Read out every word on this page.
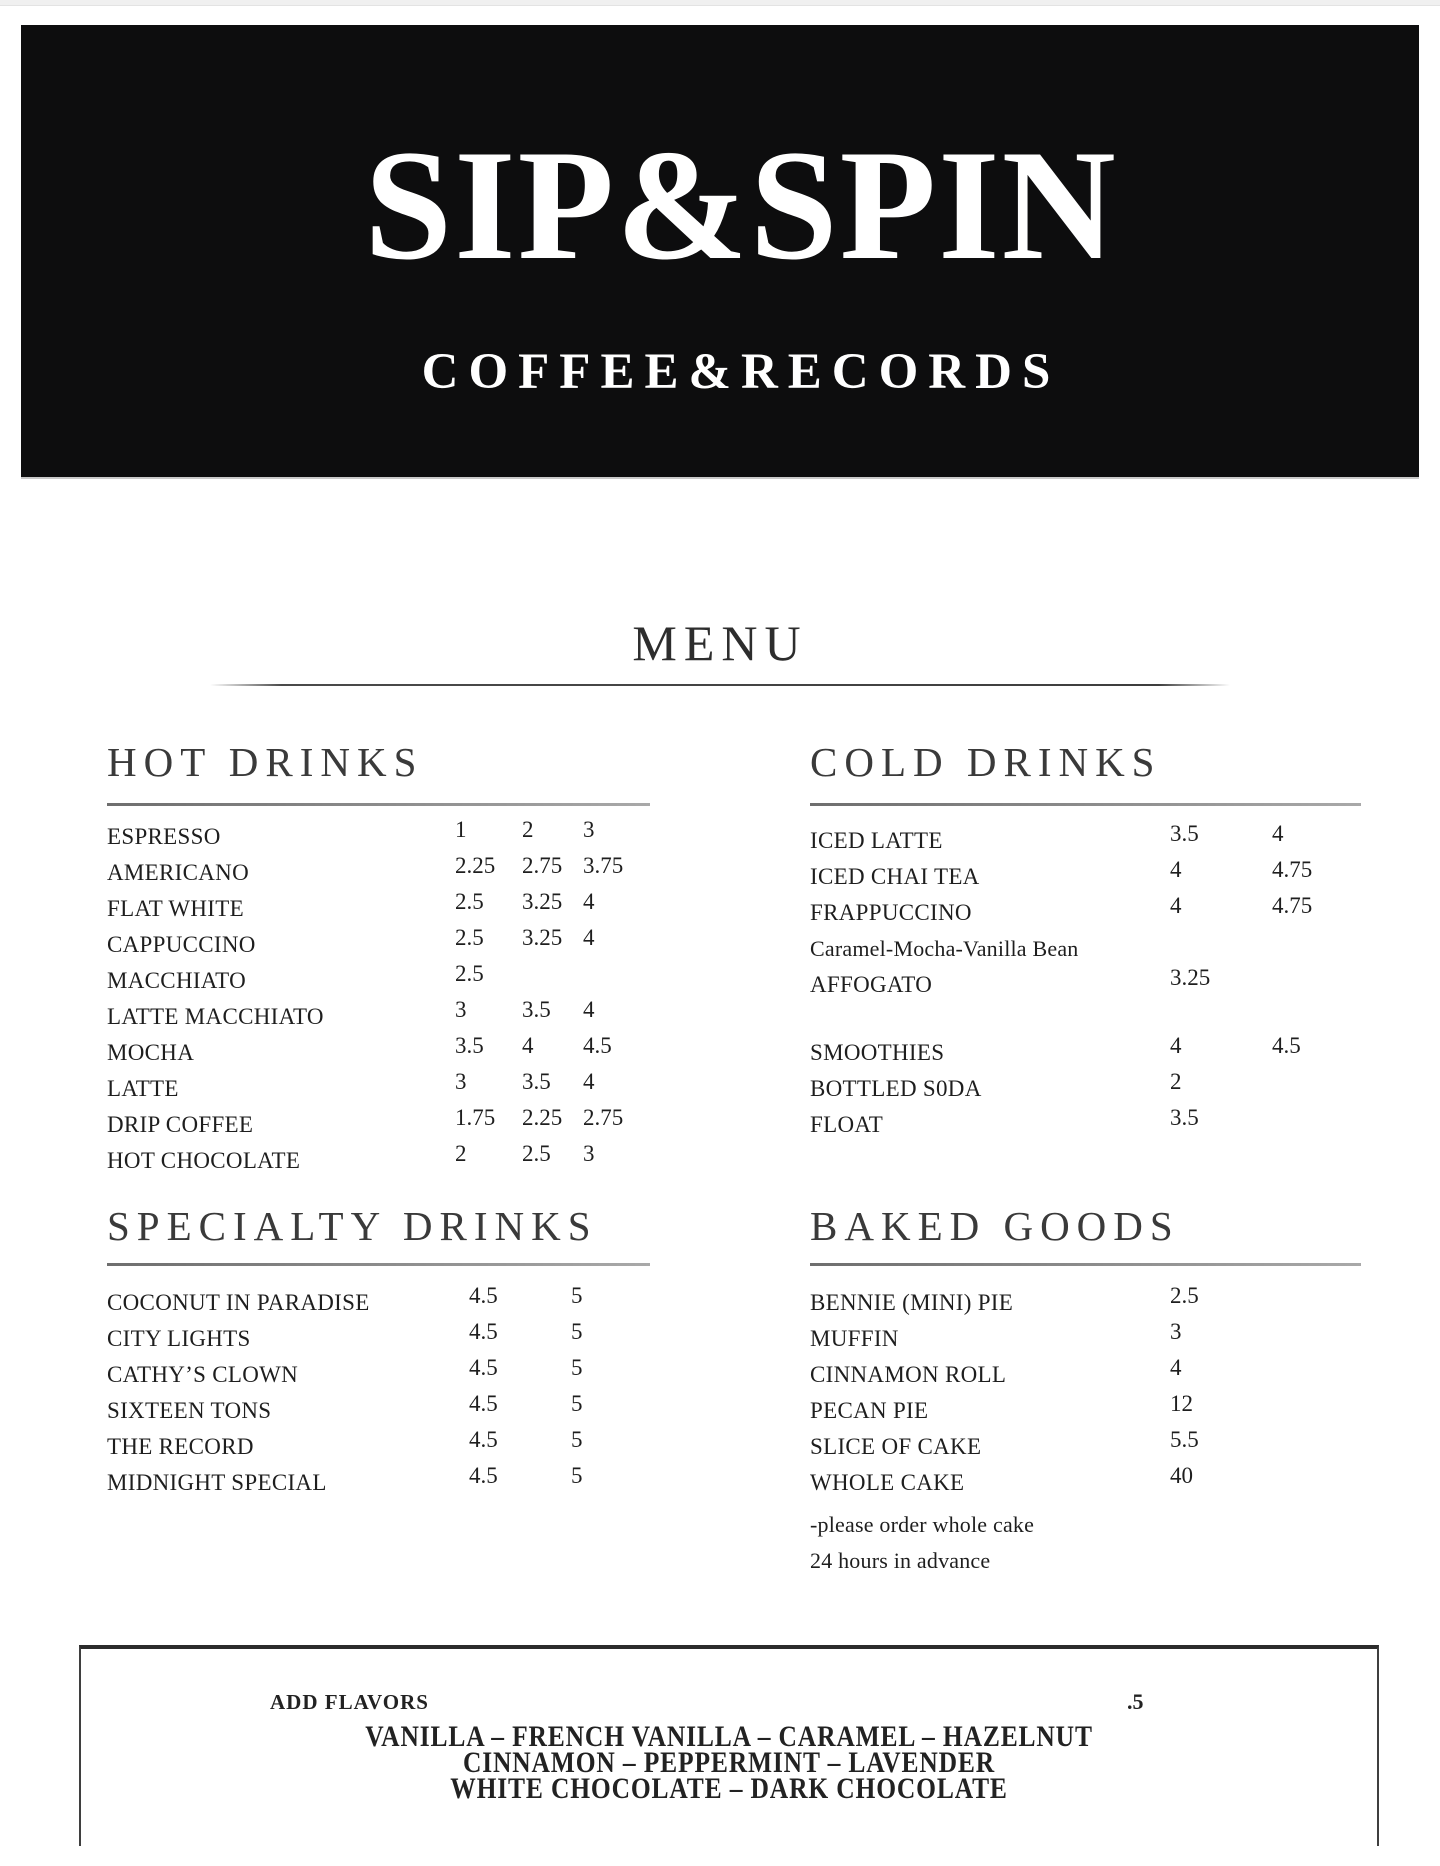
SIP&SPIN
COFFEE&RECORDS
MENU
HOT DRINKS
ESPRESSO	1 2 3
AMERICANO	2.25 2.75 3.75
FLAT WHITE	2.5 3.25 4
CAPPUCCINO	2.5 3.25 4
MACCHIATO	2.5
LATTE MACCHIATO	3 3.5 4
MOCHA	3.5 4 4.5
LATTE	3 3.5 4
DRIP COFFEE	1.75 2.25 2.75
HOT CHOCOLATE	2 2.5 3
COLD DRINKS
ICED LATTE	3.5	4
ICED CHAI TEA	4	4.75
FRAPPUCCINO	4	4.75
Caramel-Mocha-Vanilla Bean
AFFOGATO	3.25
SMOOTHIES	4	4.5
BOTTLED S0DA	2
FLOAT	3.5
SPECIALTY DRINKS
COCONUT IN PARADISE	4.5	5
CITY LIGHTS	4.5	5
CATHY’S CLOWN	4.5	5
SIXTEEN TONS	4.5	5
THE RECORD	4.5	5
MIDNIGHT SPECIAL	4.5	5
BAKED GOODS
BENNIE (MINI) PIE	2.5
MUFFIN	3
CINNAMON ROLL	4
PECAN PIE	12
SLICE OF CAKE	5.5
WHOLE CAKE	40
-please order whole cake
24 hours in advance
ADD FLAVORS	.5
VANILLA – FRENCH VANILLA – CARAMEL – HAZELNUT
CINNAMON – PEPPERMINT – LAVENDER
WHITE CHOCOLATE – DARK CHOCOLATE
